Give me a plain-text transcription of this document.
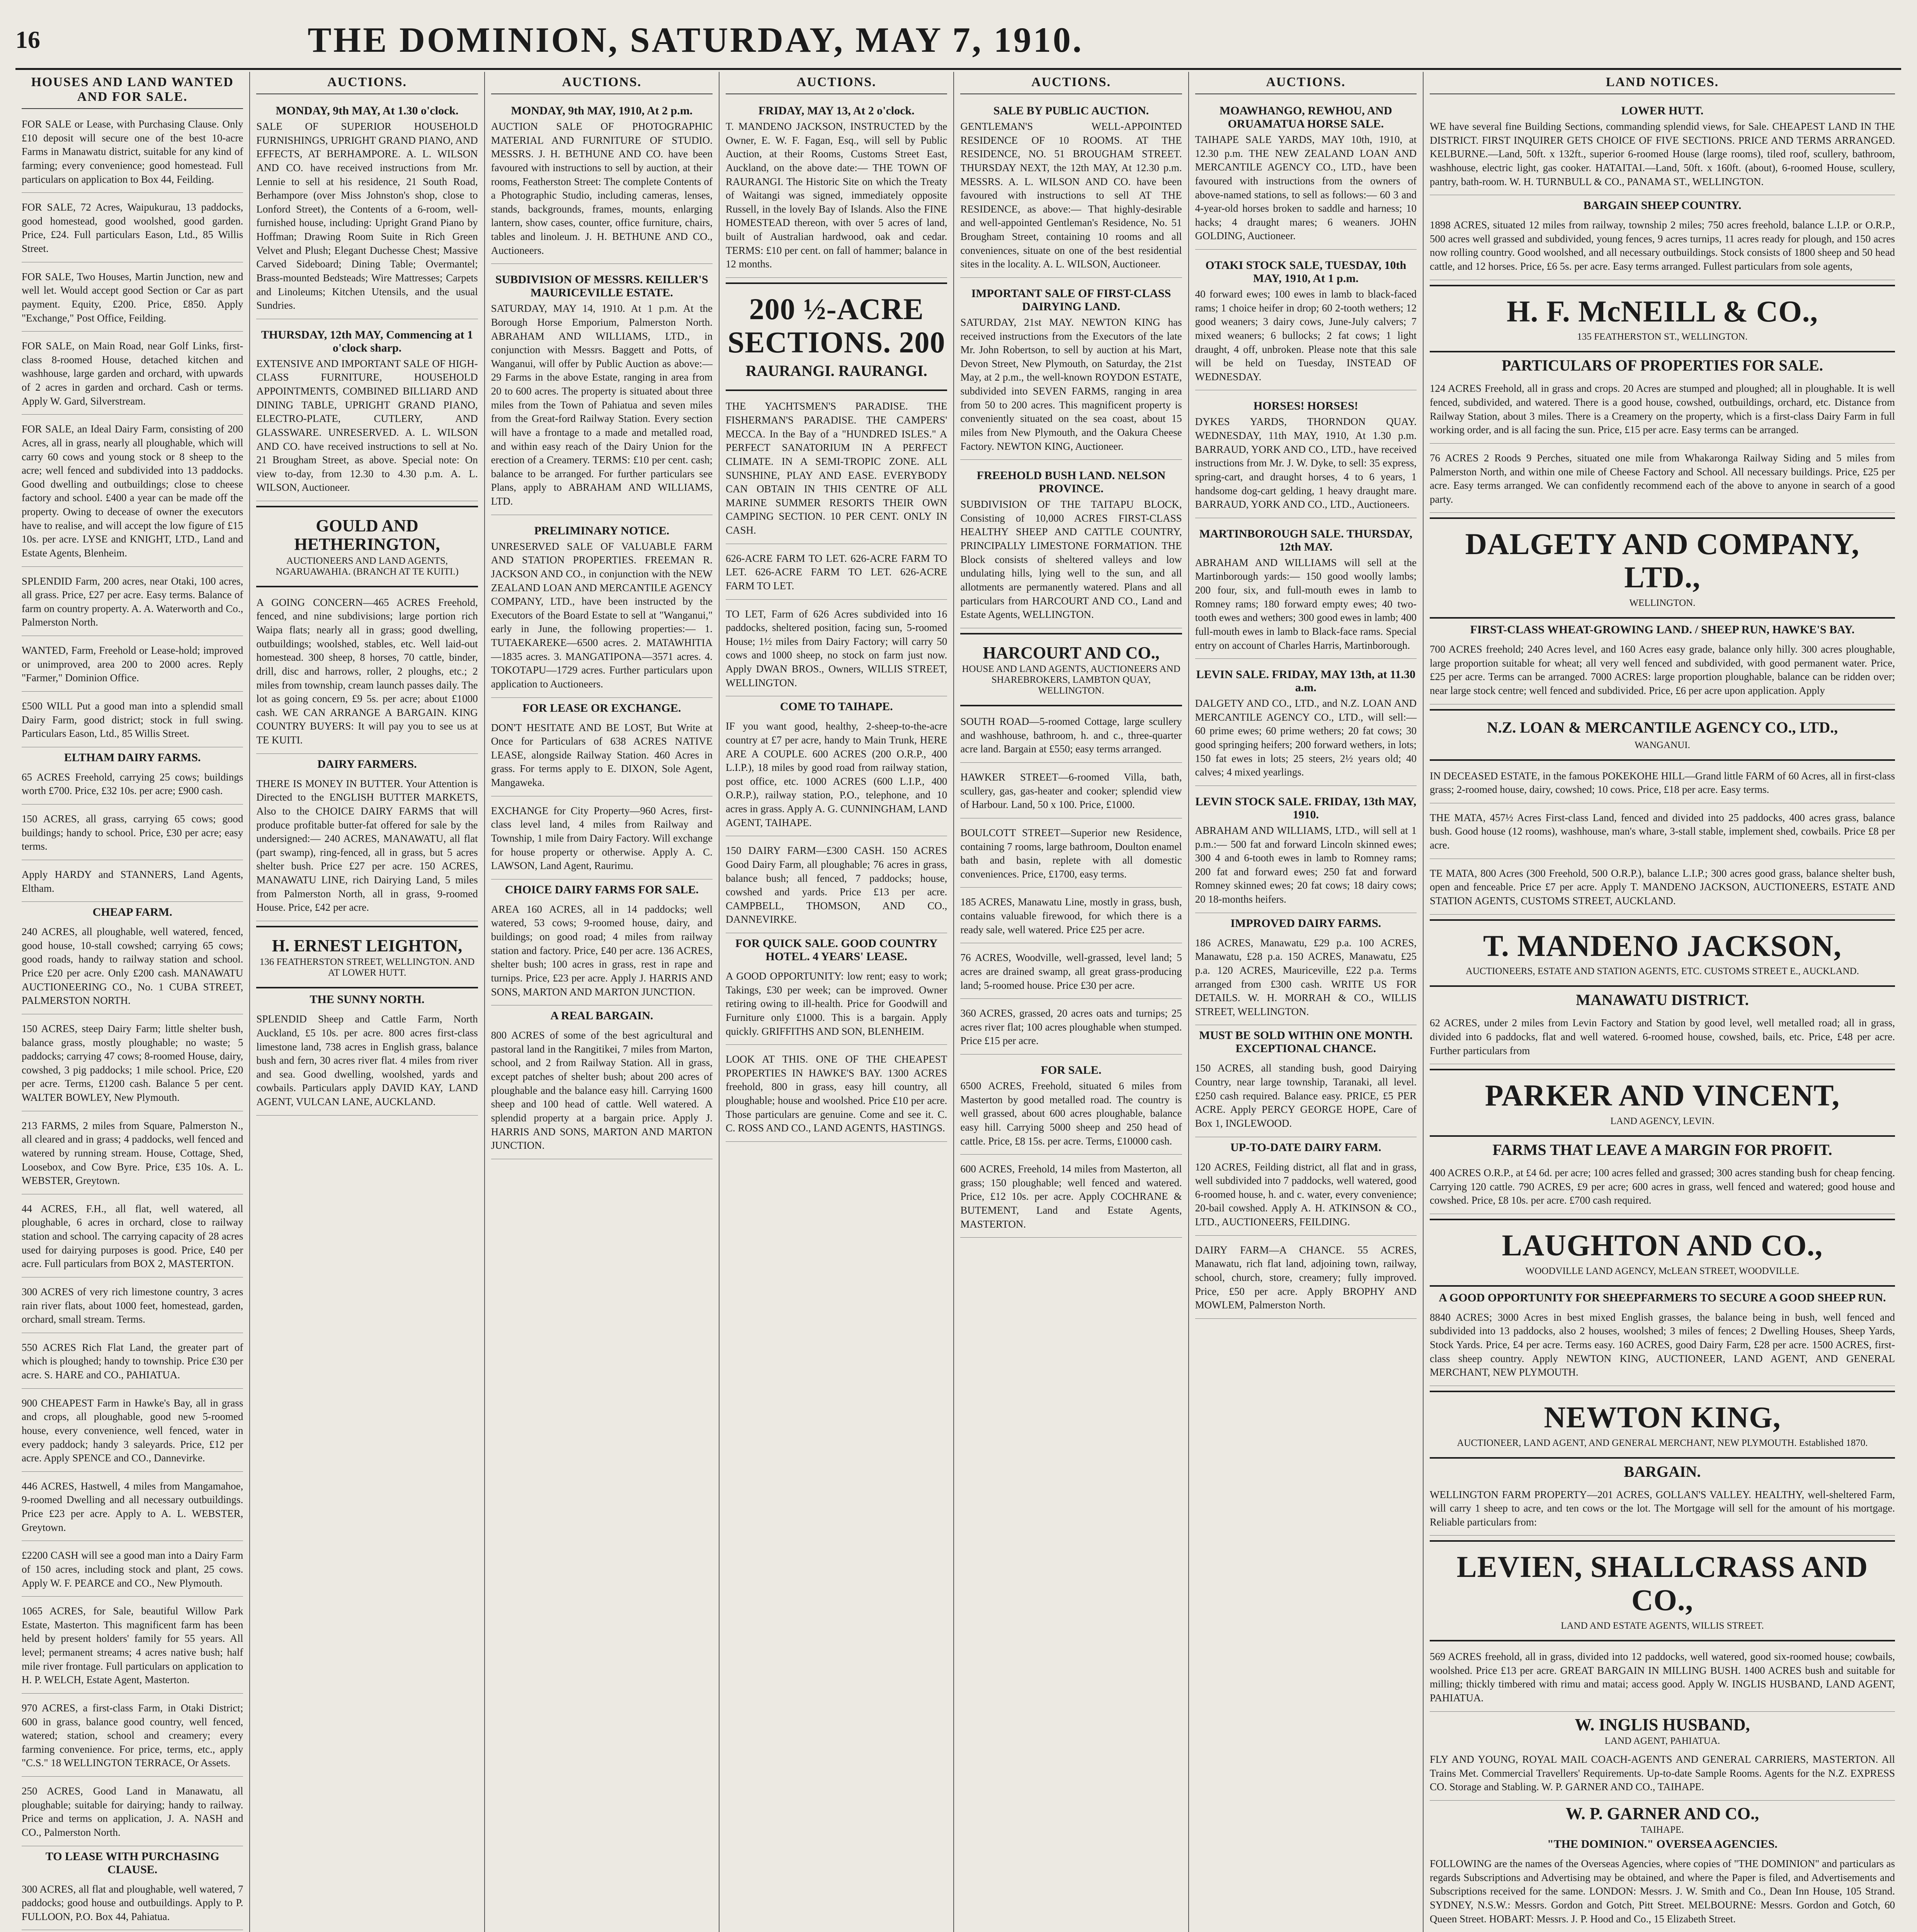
16	THE DOMINION, SATURDAY, MAY 7, 1910.
HOUSES AND LAND WANTED AND FOR SALE.
FOR SALE or Lease, with Purchasing Clause. Only £10 deposit will secure one of the best 10-acre Farms in Manawatu district, suitable for any kind of farming; every convenience; good homestead. Full particulars on application to Box 44, Feilding.
FOR SALE, 72 Acres, Waipukurau, 13 paddocks, good homestead, good woolshed, good garden. Price, £24. Full particulars Eason, Ltd., 85 Willis Street.
FOR SALE, Two Houses, Martin Junction, new and well let. Would accept good Section or Car as part payment. Equity, £200. Price, £850. Apply "Exchange," Post Office, Feilding.
FOR SALE, on Main Road, near Golf Links, first-class 8-roomed House, detached kitchen and washhouse, large garden and orchard, with upwards of 2 acres in garden and orchard. Cash or terms. Apply W. Gard, Silverstream.
FOR SALE, an Ideal Dairy Farm, consisting of 200 Acres, all in grass, nearly all ploughable, which will carry 60 cows and young stock or 8 sheep to the acre; well fenced and subdivided into 13 paddocks. Good dwelling and outbuildings; close to cheese factory and school. £400 a year can be made off the property. Owing to decease of owner the executors have to realise, and will accept the low figure of £15 10s. per acre. LYSE and KNIGHT, LTD., Land and Estate Agents, Blenheim.
SPLENDID Farm, 200 acres, near Otaki, 100 acres, all grass. Price, £27 per acre. Easy terms. Balance of farm on country property. A. A. Waterworth and Co., Palmerston North.
WANTED, Farm, Freehold or Lease-hold; improved or unimproved, area 200 to 2000 acres. Reply "Farmer," Dominion Office.
£500 WILL Put a good man into a splendid small Dairy Farm, good district; stock in full swing. Particulars Eason, Ltd., 85 Willis Street.
ELTHAM DAIRY FARMS.
65 ACRES Freehold, carrying 25 cows; buildings worth £700. Price, £32 10s. per acre; £900 cash.
150 ACRES, all grass, carrying 65 cows; good buildings; handy to school. Price, £30 per acre; easy terms.
Apply HARDY and STANNERS, Land Agents, Eltham.
CHEAP FARM.
240 ACRES, all ploughable, well watered, fenced, good house, 10-stall cowshed; carrying 65 cows; good roads, handy to railway station and school. Price £20 per acre. Only £200 cash. MANAWATU AUCTIONEERING CO., No. 1 CUBA STREET, PALMERSTON NORTH.
150 ACRES, steep Dairy Farm; little shelter bush, balance grass, mostly ploughable; no waste; 5 paddocks; carrying 47 cows; 8-roomed House, dairy, cowshed, 3 pig paddocks; 1 mile school. Price, £20 per acre. Terms, £1200 cash. Balance 5 per cent. WALTER BOWLEY, New Plymouth.
213 FARMS, 2 miles from Square, Palmerston N., all cleared and in grass; 4 paddocks, well fenced and watered by running stream. House, Cottage, Shed, Loosebox, and Cow Byre. Price, £35 10s. A. L. WEBSTER, Greytown.
44 ACRES, F.H., all flat, well watered, all ploughable, 6 acres in orchard, close to railway station and school. The carrying capacity of 28 acres used for dairying purposes is good. Price, £40 per acre. Full particulars from BOX 2, MASTERTON.
300 ACRES of very rich limestone country, 3 acres rain river flats, about 1000 feet, homestead, garden, orchard, small stream. Terms.
550 ACRES Rich Flat Land, the greater part of which is ploughed; handy to township. Price £30 per acre. S. HARE and CO., PAHIATUA.
900 CHEAPEST Farm in Hawke's Bay, all in grass and crops, all ploughable, good new 5-roomed house, every convenience, well fenced, water in every paddock; handy 3 saleyards. Price, £12 per acre. Apply SPENCE and CO., Dannevirke.
446 ACRES, Hastwell, 4 miles from Mangamahoe, 9-roomed Dwelling and all necessary outbuildings. Price £23 per acre. Apply to A. L. WEBSTER, Greytown.
£2200 CASH will see a good man into a Dairy Farm of 150 acres, including stock and plant, 25 cows. Apply W. F. PEARCE and CO., New Plymouth.
1065 ACRES, for Sale, beautiful Willow Park Estate, Masterton. This magnificent farm has been held by present holders' family for 55 years. All level; permanent streams; 4 acres native bush; half mile river frontage. Full particulars on application to H. P. WELCH, Estate Agent, Masterton.
970 ACRES, a first-class Farm, in Otaki District; 600 in grass, balance good country, well fenced, watered; station, school and creamery; every farming convenience. For price, terms, etc., apply "C.S." 18 WELLINGTON TERRACE, Or Assets.
250 ACRES, Good Land in Manawatu, all ploughable; suitable for dairying; handy to railway. Price and terms on application, J. A. NASH and CO., Palmerston North.
TO LEASE WITH PURCHASING CLAUSE.
300 ACRES, all flat and ploughable, well watered, 7 paddocks; good house and outbuildings. Apply to P. FULLOON, P.O. Box 44, Pahiatua.
AUCTIONS.
MONDAY, 9th MAY, At 1.30 o'clock.
SALE OF SUPERIOR HOUSEHOLD FURNISHINGS, UPRIGHT GRAND PIANO, AND EFFECTS, AT BERHAMPORE. A. L. WILSON AND CO. have received instructions from Mr. Lennie to sell at his residence, 21 South Road, Berhampore (over Miss Johnston's shop, close to Lonford Street), the Contents of a 6-room, well-furnished house, including: Upright Grand Piano by Hoffman; Drawing Room Suite in Rich Green Velvet and Plush; Elegant Duchesse Chest; Massive Carved Sideboard; Dining Table; Overmantel; Brass-mounted Bedsteads; Wire Mattresses; Carpets and Linoleums; Kitchen Utensils, and the usual Sundries.
THURSDAY, 12th MAY, Commencing at 1 o'clock sharp.
EXTENSIVE AND IMPORTANT SALE OF HIGH-CLASS FURNITURE, HOUSEHOLD APPOINTMENTS, COMBINED BILLIARD AND DINING TABLE, UPRIGHT GRAND PIANO, ELECTRO-PLATE, CUTLERY, AND GLASSWARE. UNRESERVED. A. L. WILSON AND CO. have received instructions to sell at No. 21 Brougham Street, as above. Special note: On view to-day, from 12.30 to 4.30 p.m. A. L. WILSON, Auctioneer.
GOULD AND HETHERINGTON,
AUCTIONEERS AND LAND AGENTS, NGARUAWAHIA. (BRANCH AT TE KUITI.)
A GOING CONCERN—465 ACRES Freehold, fenced, and nine subdivisions; large portion rich Waipa flats; nearly all in grass; good dwelling, outbuildings; woolshed, stables, etc. Well laid-out homestead. 300 sheep, 8 horses, 70 cattle, binder, drill, disc and harrows, roller, 2 ploughs, etc.; 2 miles from township, cream launch passes daily. The lot as going concern, £9 5s. per acre; about £1000 cash. WE CAN ARRANGE A BARGAIN. KING COUNTRY BUYERS: It will pay you to see us at TE KUITI.
DAIRY FARMERS.
THERE IS MONEY IN BUTTER. Your Attention is Directed to the ENGLISH BUTTER MARKETS, Also to the CHOICE DAIRY FARMS that will produce profitable butter-fat offered for sale by the undersigned:— 240 ACRES, MANAWATU, all flat (part swamp), ring-fenced, all in grass, but 5 acres shelter bush. Price £27 per acre. 150 ACRES, MANAWATU LINE, rich Dairying Land, 5 miles from Palmerston North, all in grass, 9-roomed House. Price, £42 per acre.
H. ERNEST LEIGHTON,
136 FEATHERSTON STREET, WELLINGTON. AND AT LOWER HUTT.
THE SUNNY NORTH.
SPLENDID Sheep and Cattle Farm, North Auckland, £5 10s. per acre. 800 acres first-class limestone land, 738 acres in English grass, balance bush and fern, 30 acres river flat. 4 miles from river and sea. Good dwelling, woolshed, yards and cowbails. Particulars apply DAVID KAY, LAND AGENT, VULCAN LANE, AUCKLAND.
AUCTIONS.
MONDAY, 9th MAY, 1910, At 2 p.m.
AUCTION SALE OF PHOTOGRAPHIC MATERIAL AND FURNITURE OF STUDIO. MESSRS. J. H. BETHUNE AND CO. have been favoured with instructions to sell by auction, at their rooms, Featherston Street: The complete Contents of a Photographic Studio, including cameras, lenses, stands, backgrounds, frames, mounts, enlarging lantern, show cases, counter, office furniture, chairs, tables and linoleum. J. H. BETHUNE AND CO., Auctioneers.
SUBDIVISION OF MESSRS. KEILLER'S MAURICEVILLE ESTATE.
SATURDAY, MAY 14, 1910. At 1 p.m. At the Borough Horse Emporium, Palmerston North. ABRAHAM AND WILLIAMS, LTD., in conjunction with Messrs. Baggett and Potts, of Wanganui, will offer by Public Auction as above:— 29 Farms in the above Estate, ranging in area from 20 to 600 acres. The property is situated about three miles from the Town of Pahiatua and seven miles from the Great-ford Railway Station. Every section will have a frontage to a made and metalled road, and within easy reach of the Dairy Union for the erection of a Creamery. TERMS: £10 per cent. cash; balance to be arranged. For further particulars see Plans, apply to ABRAHAM AND WILLIAMS, LTD.
PRELIMINARY NOTICE.
UNRESERVED SALE OF VALUABLE FARM AND STATION PROPERTIES. FREEMAN R. JACKSON AND CO., in conjunction with the NEW ZEALAND LOAN AND MERCANTILE AGENCY COMPANY, LTD., have been instructed by the Executors of the Board Estate to sell at "Wanganui," early in June, the following properties:— 1. TUTAEKAREKE—6500 acres. 2. MATAWHITIA—1835 acres. 3. MANGATIPONA—3571 acres. 4. TOKOTAPU—1729 acres. Further particulars upon application to Auctioneers.
FOR LEASE OR EXCHANGE.
DON'T HESITATE AND BE LOST, But Write at Once for Particulars of 638 ACRES NATIVE LEASE, alongside Railway Station. 460 Acres in grass. For terms apply to E. DIXON, Sole Agent, Mangaweka.
EXCHANGE for City Property—960 Acres, first-class level land, 4 miles from Railway and Township, 1 mile from Dairy Factory. Will exchange for house property or otherwise. Apply A. C. LAWSON, Land Agent, Raurimu.
CHOICE DAIRY FARMS FOR SALE.
AREA 160 ACRES, all in 14 paddocks; well watered, 53 cows; 9-roomed house, dairy, and buildings; on good road; 4 miles from railway station and factory. Price, £40 per acre. 136 ACRES, shelter bush; 100 acres in grass, rest in rape and turnips. Price, £23 per acre. Apply J. HARRIS AND SONS, MARTON AND MARTON JUNCTION.
A REAL BARGAIN.
800 ACRES of some of the best agricultural and pastoral land in the Rangitikei, 7 miles from Marton, school, and 2 from Railway Station. All in grass, except patches of shelter bush; about 200 acres of ploughable and the balance easy hill. Carrying 1600 sheep and 100 head of cattle. Well watered. A splendid property at a bargain price. Apply J. HARRIS AND SONS, MARTON AND MARTON JUNCTION.
AUCTIONS.
FRIDAY, MAY 13, At 2 o'clock.
T. MANDENO JACKSON, INSTRUCTED by the Owner, E. W. F. Fagan, Esq., will sell by Public Auction, at their Rooms, Customs Street East, Auckland, on the above date:— THE TOWN OF RAURANGI. The Historic Site on which the Treaty of Waitangi was signed, immediately opposite Russell, in the lovely Bay of Islands. Also the FINE HOMESTEAD thereon, with over 5 acres of land, built of Australian hardwood, oak and cedar. TERMS: £10 per cent. on fall of hammer; balance in 12 months.
200 ½-ACRE SECTIONS. 200
RAURANGI. RAURANGI.
THE YACHTSMEN'S PARADISE. THE FISHERMAN'S PARADISE. THE CAMPERS' MECCA. In the Bay of a "HUNDRED ISLES." A PERFECT SANATORIUM IN A PERFECT CLIMATE. IN A SEMI-TROPIC ZONE. ALL SUNSHINE, PLAY AND EASE. EVERYBODY CAN OBTAIN IN THIS CENTRE OF ALL MARINE SUMMER RESORTS THEIR OWN CAMPING SECTION. 10 PER CENT. ONLY IN CASH.
626-ACRE FARM TO LET. 626-ACRE FARM TO LET. 626-ACRE FARM TO LET. 626-ACRE FARM TO LET.
TO LET, Farm of 626 Acres subdivided into 16 paddocks, sheltered position, facing sun, 5-roomed House; 1½ miles from Dairy Factory; will carry 50 cows and 1000 sheep, no stock on farm just now. Apply DWAN BROS., Owners, WILLIS STREET, WELLINGTON.
COME TO TAIHAPE.
IF you want good, healthy, 2-sheep-to-the-acre country at £7 per acre, handy to Main Trunk, HERE ARE A COUPLE. 600 ACRES (200 O.R.P., 400 L.I.P.), 18 miles by good road from railway station, post office, etc. 1000 ACRES (600 L.I.P., 400 O.R.P.), railway station, P.O., telephone, and 10 acres in grass. Apply A. G. CUNNINGHAM, LAND AGENT, TAIHAPE.
150 DAIRY FARM—£300 CASH. 150 ACRES Good Dairy Farm, all ploughable; 76 acres in grass, balance bush; all fenced, 7 paddocks; house, cowshed and yards. Price £13 per acre. CAMPBELL, THOMSON, AND CO., DANNEVIRKE.
FOR QUICK SALE. GOOD COUNTRY HOTEL. 4 YEARS' LEASE.
A GOOD OPPORTUNITY: low rent; easy to work; Takings, £30 per week; can be improved. Owner retiring owing to ill-health. Price for Goodwill and Furniture only £1000. This is a bargain. Apply quickly. GRIFFITHS AND SON, BLENHEIM.
LOOK AT THIS. ONE OF THE CHEAPEST PROPERTIES IN HAWKE'S BAY. 1300 ACRES freehold, 800 in grass, easy hill country, all ploughable; house and woolshed. Price £10 per acre. Those particulars are genuine. Come and see it. C. C. ROSS AND CO., LAND AGENTS, HASTINGS.
AUCTIONS.
SALE BY PUBLIC AUCTION.
GENTLEMAN'S WELL-APPOINTED RESIDENCE OF 10 ROOMS. AT THE RESIDENCE, NO. 51 BROUGHAM STREET. THURSDAY NEXT, the 12th MAY, At 12.30 p.m. MESSRS. A. L. WILSON AND CO. have been favoured with instructions to sell AT THE RESIDENCE, as above:— That highly-desirable and well-appointed Gentleman's Residence, No. 51 Brougham Street, containing 10 rooms and all conveniences, situate on one of the best residential sites in the locality. A. L. WILSON, Auctioneer.
IMPORTANT SALE OF FIRST-CLASS DAIRYING LAND.
SATURDAY, 21st MAY. NEWTON KING has received instructions from the Executors of the late Mr. John Robertson, to sell by auction at his Mart, Devon Street, New Plymouth, on Saturday, the 21st May, at 2 p.m., the well-known ROYDON ESTATE, subdivided into SEVEN FARMS, ranging in area from 50 to 200 acres. This magnificent property is conveniently situated on the sea coast, about 15 miles from New Plymouth, and the Oakura Cheese Factory. NEWTON KING, Auctioneer.
FREEHOLD BUSH LAND. NELSON PROVINCE.
SUBDIVISION OF THE TAITAPU BLOCK, Consisting of 10,000 ACRES FIRST-CLASS HEALTHY SHEEP AND CATTLE COUNTRY, PRINCIPALLY LIMESTONE FORMATION. THE Block consists of sheltered valleys and low undulating hills, lying well to the sun, and all allotments are permanently watered. Plans and all particulars from HARCOURT AND CO., Land and Estate Agents, WELLINGTON.
HARCOURT AND CO.,
HOUSE AND LAND AGENTS, AUCTIONEERS AND SHAREBROKERS, LAMBTON QUAY, WELLINGTON.
SOUTH ROAD—5-roomed Cottage, large scullery and washhouse, bathroom, h. and c., three-quarter acre land. Bargain at £550; easy terms arranged.
HAWKER STREET—6-roomed Villa, bath, scullery, gas, gas-heater and cooker; splendid view of Harbour. Land, 50 x 100. Price, £1000.
BOULCOTT STREET—Superior new Residence, containing 7 rooms, large bathroom, Doulton enamel bath and basin, replete with all domestic conveniences. Price, £1700, easy terms.
185 ACRES, Manawatu Line, mostly in grass, bush, contains valuable firewood, for which there is a ready sale, well watered. Price £25 per acre.
76 ACRES, Woodville, well-grassed, level land; 5 acres are drained swamp, all great grass-producing land; 5-roomed house. Price £30 per acre.
360 ACRES, grassed, 20 acres oats and turnips; 25 acres river flat; 100 acres ploughable when stumped. Price £15 per acre.
FOR SALE.
6500 ACRES, Freehold, situated 6 miles from Masterton by good metalled road. The country is well grassed, about 600 acres ploughable, balance easy hill. Carrying 5000 sheep and 250 head of cattle. Price, £8 15s. per acre. Terms, £10000 cash.
600 ACRES, Freehold, 14 miles from Masterton, all grass; 150 ploughable; well fenced and watered. Price, £12 10s. per acre. Apply COCHRANE & BUTEMENT, Land and Estate Agents, MASTERTON.
AUCTIONS.
MOAWHANGO, REWHOU, AND ORUAMATUA HORSE SALE.
TAIHAPE SALE YARDS, MAY 10th, 1910, at 12.30 p.m. THE NEW ZEALAND LOAN AND MERCANTILE AGENCY CO., LTD., have been favoured with instructions from the owners of above-named stations, to sell as follows:— 60 3 and 4-year-old horses broken to saddle and harness; 10 hacks; 4 draught mares; 6 weaners. JOHN GOLDING, Auctioneer.
OTAKI STOCK SALE, TUESDAY, 10th MAY, 1910, At 1 p.m.
40 forward ewes; 100 ewes in lamb to black-faced rams; 1 choice heifer in drop; 60 2-tooth wethers; 12 good weaners; 3 dairy cows, June-July calvers; 7 mixed weaners; 6 bullocks; 2 fat cows; 1 light draught, 4 off, unbroken. Please note that this sale will be held on Tuesday, INSTEAD OF WEDNESDAY.
HORSES! HORSES!
DYKES YARDS, THORNDON QUAY. WEDNESDAY, 11th MAY, 1910, At 1.30 p.m. BARRAUD, YORK AND CO., LTD., have received instructions from Mr. J. W. Dyke, to sell: 35 express, spring-cart, and draught horses, 4 to 6 years, 1 handsome dog-cart gelding, 1 heavy draught mare. BARRAUD, YORK AND CO., LTD., Auctioneers.
MARTINBOROUGH SALE. THURSDAY, 12th MAY.
ABRAHAM AND WILLIAMS will sell at the Martinborough yards:— 150 good woolly lambs; 200 four, six, and full-mouth ewes in lamb to Romney rams; 180 forward empty ewes; 40 two-tooth ewes and wethers; 300 good ewes in lamb; 400 full-mouth ewes in lamb to Black-face rams. Special entry on account of Charles Harris, Martinborough.
LEVIN SALE. FRIDAY, MAY 13th, at 11.30 a.m.
DALGETY AND CO., LTD., and N.Z. LOAN AND MERCANTILE AGENCY CO., LTD., will sell:— 60 prime ewes; 60 prime wethers; 20 fat cows; 30 good springing heifers; 200 forward wethers, in lots; 150 fat ewes in lots; 25 steers, 2½ years old; 40 calves; 4 mixed yearlings.
LEVIN STOCK SALE. FRIDAY, 13th MAY, 1910.
ABRAHAM AND WILLIAMS, LTD., will sell at 1 p.m.:— 500 fat and forward Lincoln skinned ewes; 300 4 and 6-tooth ewes in lamb to Romney rams; 200 fat and forward ewes; 250 fat and forward Romney skinned ewes; 20 fat cows; 18 dairy cows; 20 18-months heifers.
IMPROVED DAIRY FARMS.
186 ACRES, Manawatu, £29 p.a. 100 ACRES, Manawatu, £28 p.a. 150 ACRES, Manawatu, £25 p.a. 120 ACRES, Mauriceville, £22 p.a. Terms arranged from £300 cash. WRITE US FOR DETAILS. W. H. MORRAH & CO., WILLIS STREET, WELLINGTON.
MUST BE SOLD WITHIN ONE MONTH. EXCEPTIONAL CHANCE.
150 ACRES, all standing bush, good Dairying Country, near large township, Taranaki, all level. £250 cash required. Balance easy. PRICE, £5 PER ACRE. Apply PERCY GEORGE HOPE, Care of Box 1, INGLEWOOD.
UP-TO-DATE DAIRY FARM.
120 ACRES, Feilding district, all flat and in grass, well subdivided into 7 paddocks, well watered, good 6-roomed house, h. and c. water, every convenience; 20-bail cowshed. Apply A. H. ATKINSON & CO., LTD., AUCTIONEERS, FEILDING.
DAIRY FARM—A CHANCE. 55 ACRES, Manawatu, rich flat land, adjoining town, railway, school, church, store, creamery; fully improved. Price, £50 per acre. Apply BROPHY AND MOWLEM, Palmerston North.
LAND NOTICES.
LOWER HUTT.
WE have several fine Building Sections, commanding splendid views, for Sale. CHEAPEST LAND IN THE DISTRICT. FIRST INQUIRER GETS CHOICE OF FIVE SECTIONS. PRICE AND TERMS ARRANGED. KELBURNE.—Land, 50ft. x 132ft., superior 6-roomed House (large rooms), tiled roof, scullery, bathroom, washhouse, electric light, gas cooker. HATAITAI.—Land, 50ft. x 160ft. (about), 6-roomed House, scullery, pantry, bath-room. W. H. TURNBULL & CO., PANAMA ST., WELLINGTON.
BARGAIN SHEEP COUNTRY.
1898 ACRES, situated 12 miles from railway, township 2 miles; 750 acres freehold, balance L.I.P. or O.R.P., 500 acres well grassed and subdivided, young fences, 9 acres turnips, 11 acres ready for plough, and 150 acres now rolling country. Good woolshed, and all necessary outbuildings. Stock consists of 1800 sheep and 50 head cattle, and 12 horses. Price, £6 5s. per acre. Easy terms arranged. Fullest particulars from sole agents,
H. F. McNEILL & CO.,
135 FEATHERSTON ST., WELLINGTON.
PARTICULARS OF PROPERTIES FOR SALE.
124 ACRES Freehold, all in grass and crops. 20 Acres are stumped and ploughed; all in ploughable. It is well fenced, subdivided, and watered. There is a good house, cowshed, outbuildings, orchard, etc. Distance from Railway Station, about 3 miles. There is a Creamery on the property, which is a first-class Dairy Farm in full working order, and is all facing the sun. Price, £15 per acre. Easy terms can be arranged.
76 ACRES 2 Roods 9 Perches, situated one mile from Whakaronga Railway Siding and 5 miles from Palmerston North, and within one mile of Cheese Factory and School. All necessary buildings. Price, £25 per acre. Easy terms arranged. We can confidently recommend each of the above to anyone in search of a good party.
DALGETY AND COMPANY, LTD.,
WELLINGTON.
FIRST-CLASS WHEAT-GROWING LAND. / SHEEP RUN, HAWKE'S BAY.
700 ACRES freehold; 240 Acres level, and 160 Acres easy grade, balance only hilly. 300 acres ploughable, large proportion suitable for wheat; all very well fenced and subdivided, with good permanent water. Price, £25 per acre. Terms can be arranged. 7000 ACRES: large proportion ploughable, balance can be ridden over; near large stock centre; well fenced and subdivided. Price, £6 per acre upon application. Apply
N.Z. LOAN & MERCANTILE AGENCY CO., LTD.,
WANGANUI.
IN DECEASED ESTATE, in the famous POKEKOHE HILL—Grand little FARM of 60 Acres, all in first-class grass; 2-roomed house, dairy, cowshed; 10 cows. Price, £18 per acre. Easy terms.
THE MATA, 457½ Acres First-class Land, fenced and divided into 25 paddocks, 400 acres grass, balance bush. Good house (12 rooms), washhouse, man's whare, 3-stall stable, implement shed, cowbails. Price £8 per acre.
TE MATA, 800 Acres (300 Freehold, 500 O.R.P.), balance L.I.P.; 300 acres good grass, balance shelter bush, open and fenceable. Price £7 per acre. Apply T. MANDENO JACKSON, AUCTIONEERS, ESTATE AND STATION AGENTS, CUSTOMS STREET, AUCKLAND.
T. MANDENO JACKSON,
AUCTIONEERS, ESTATE AND STATION AGENTS, ETC. CUSTOMS STREET E., AUCKLAND.
MANAWATU DISTRICT.
62 ACRES, under 2 miles from Levin Factory and Station by good level, well metalled road; all in grass, divided into 6 paddocks, flat and well watered. 6-roomed house, cowshed, bails, etc. Price, £48 per acre. Further particulars from
PARKER AND VINCENT,
LAND AGENCY, LEVIN.
FARMS THAT LEAVE A MARGIN FOR PROFIT.
400 ACRES O.R.P., at £4 6d. per acre; 100 acres felled and grassed; 300 acres standing bush for cheap fencing. Carrying 120 cattle. 790 ACRES, £9 per acre; 600 acres in grass, well fenced and watered; good house and cowshed. Price, £8 10s. per acre. £700 cash required.
LAUGHTON AND CO.,
WOODVILLE LAND AGENCY, McLEAN STREET, WOODVILLE.
A GOOD OPPORTUNITY FOR SHEEPFARMERS TO SECURE A GOOD SHEEP RUN.
8840 ACRES; 3000 Acres in best mixed English grasses, the balance being in bush, well fenced and subdivided into 13 paddocks, also 2 houses, woolshed; 3 miles of fences; 2 Dwelling Houses, Sheep Yards, Stock Yards. Price, £4 per acre. Terms easy. 160 ACRES, good Dairy Farm, £28 per acre. 1500 ACRES, first-class sheep country. Apply NEWTON KING, AUCTIONEER, LAND AGENT, AND GENERAL MERCHANT, NEW PLYMOUTH.
NEWTON KING,
AUCTIONEER, LAND AGENT, AND GENERAL MERCHANT, NEW PLYMOUTH. Established 1870.
BARGAIN.
WELLINGTON FARM PROPERTY—201 ACRES, GOLLAN'S VALLEY. HEALTHY, well-sheltered Farm, will carry 1 sheep to acre, and ten cows or the lot. The Mortgage will sell for the amount of his mortgage. Reliable particulars from:
LEVIEN, SHALLCRASS AND CO.,
LAND AND ESTATE AGENTS, WILLIS STREET.
569 ACRES freehold, all in grass, divided into 12 paddocks, well watered, good six-roomed house; cowbails, woolshed. Price £13 per acre. GREAT BARGAIN IN MILLING BUSH. 1400 ACRES bush and suitable for milling; thickly timbered with rimu and matai; access good. Apply W. INGLIS HUSBAND, LAND AGENT, PAHIATUA.
W. INGLIS HUSBAND,
LAND AGENT, PAHIATUA.
FLY AND YOUNG, ROYAL MAIL COACH-AGENTS AND GENERAL CARRIERS, MASTERTON. All Trains Met. Commercial Travellers' Requirements. Up-to-date Sample Rooms. Agents for the N.Z. EXPRESS CO. Storage and Stabling. W. P. GARNER AND CO., TAIHAPE.
W. P. GARNER AND CO.,
TAIHAPE.
"THE DOMINION." OVERSEA AGENCIES.
FOLLOWING are the names of the Overseas Agencies, where copies of "THE DOMINION" and particulars as regards Subscriptions and Advertising may be obtained, and where the Paper is filed, and Advertisements and Subscriptions received for the same. LONDON: Messrs. J. W. Smith and Co., Dean Inn House, 105 Strand. SYDNEY, N.S.W.: Messrs. Gordon and Gotch, Pitt Street. MELBOURNE: Messrs. Gordon and Gotch, 60 Queen Street. HOBART: Messrs. J. P. Hood and Co., 15 Elizabeth Street.
